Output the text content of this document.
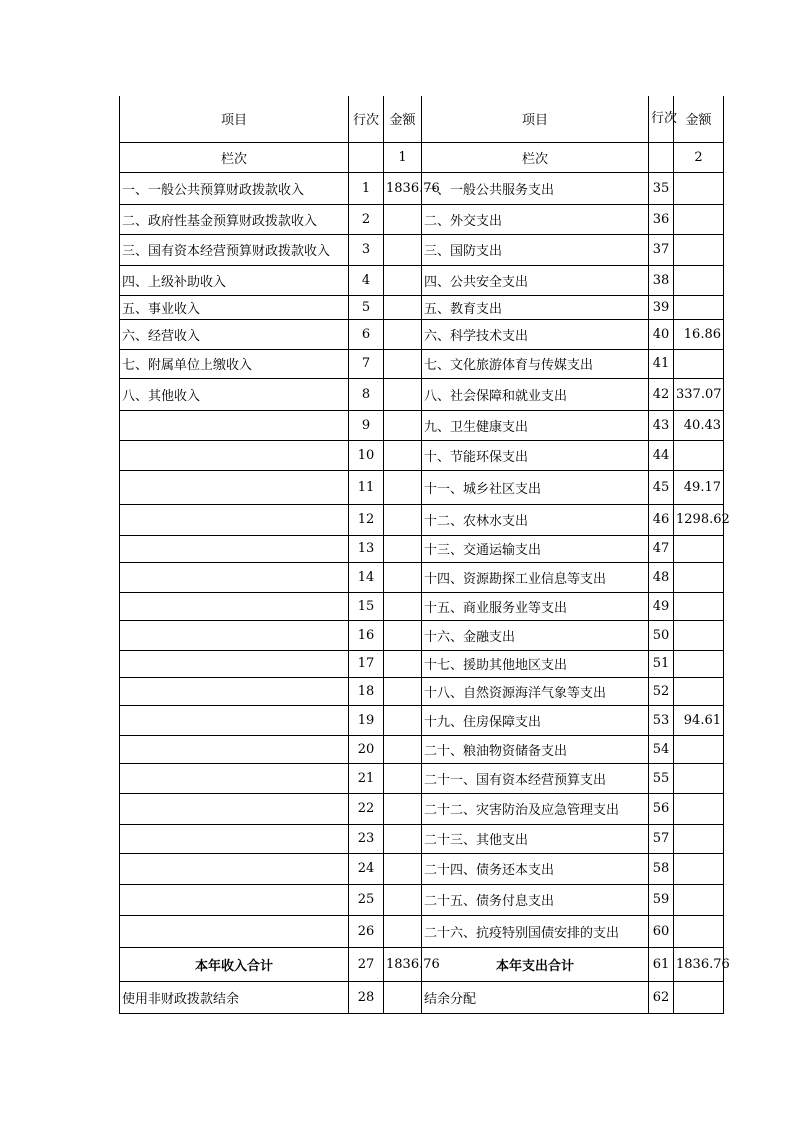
项目	行次	金额	项目	行次	金额
栏次		1	栏次		2
一、一般公共预算财政拨款收入	1	1836.76	一、一般公共服务支出	35	
二、政府性基金预算财政拨款收入	2		二、外交支出	36	
三、国有资本经营预算财政拨款收入	3		三、国防支出	37	
四、上级补助收入	4		四、公共安全支出	38	
五、事业收入	5		五、教育支出	39	
六、经营收入	6		六、科学技术支出	40	16.86
七、附属单位上缴收入	7		七、文化旅游体育与传媒支出	41	
八、其他收入	8		八、社会保障和就业支出	42	337.07
	9		九、卫生健康支出	43	40.43
	10		十、节能环保支出	44	
	11		十一、城乡社区支出	45	49.17
	12		十二、农林水支出	46	1298.62
	13		十三、交通运输支出	47	
	14		十四、资源勘探工业信息等支出	48	
	15		十五、商业服务业等支出	49	
	16		十六、金融支出	50	
	17		十七、援助其他地区支出	51	
	18		十八、自然资源海洋气象等支出	52	
	19		十九、住房保障支出	53	94.61
	20		二十、粮油物资储备支出	54	
	21		二十一、国有资本经营预算支出	55	
	22		二十二、灾害防治及应急管理支出	56	
	23		二十三、其他支出	57	
	24		二十四、债务还本支出	58	
	25		二十五、债务付息支出	59	
	26		二十六、抗疫特别国债安排的支出	60	
本年收入合计	27	1836.76	本年支出合计	61	1836.76
使用非财政拨款结余	28		结余分配	62	
